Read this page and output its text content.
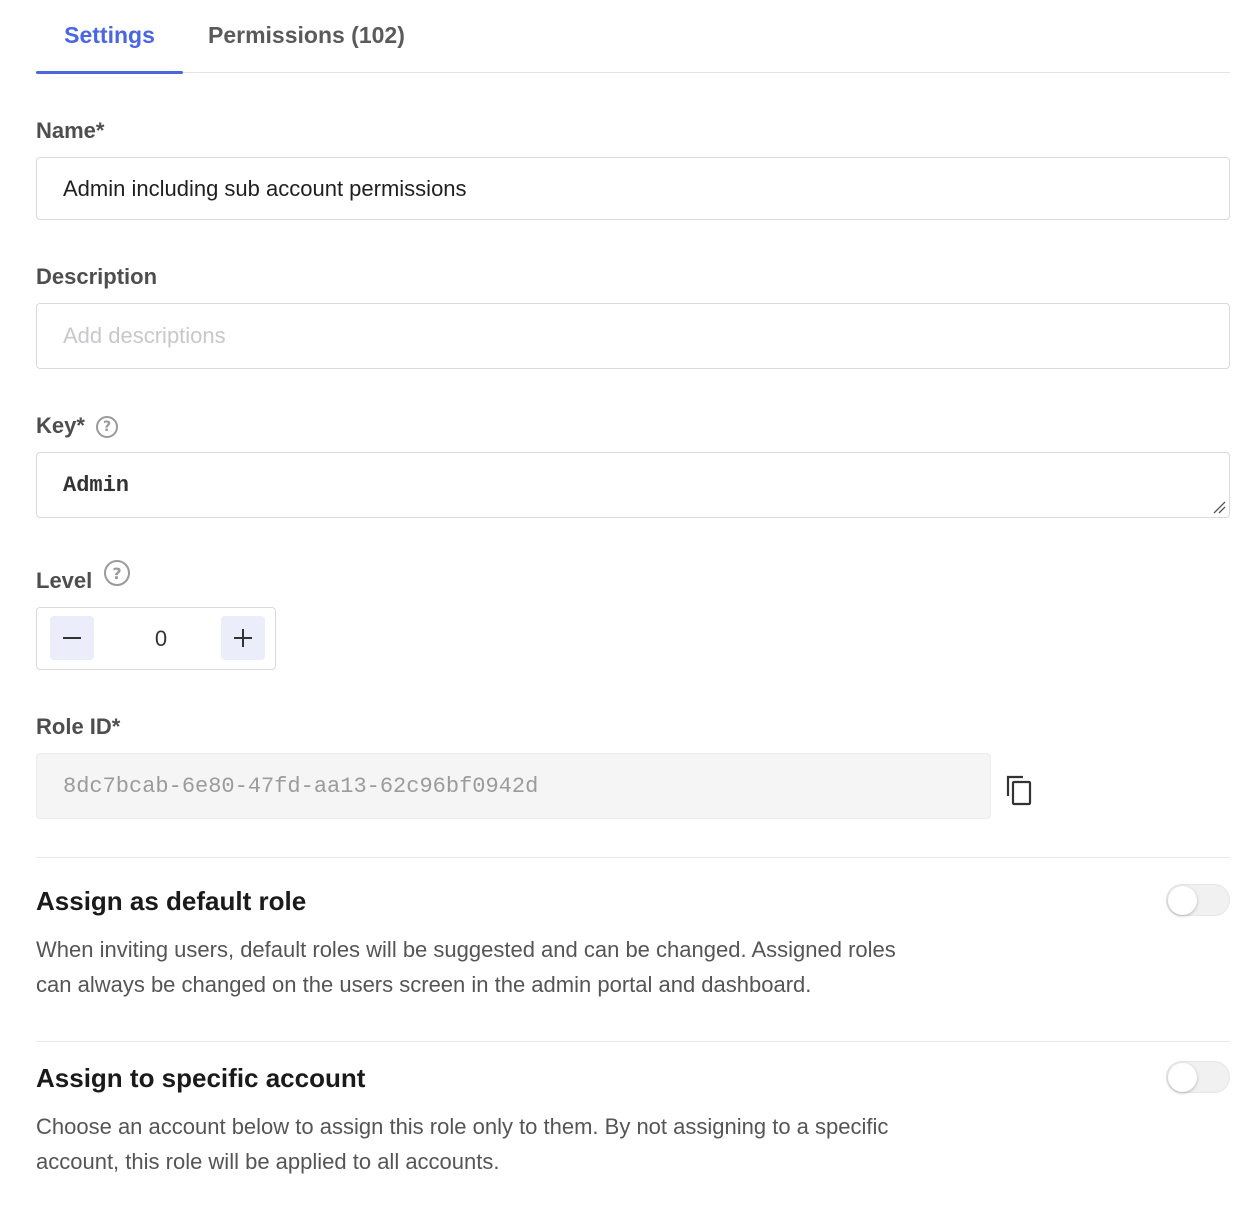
Settings	Permissions (102)
Name*
Admin including sub account permissions
Description
Add descriptions
Key*	?
Admin
Level	?
0
Role ID*
8dc7bcab-6e80-47fd-aa13-62c96bf0942d
Assign as default role
When inviting users, default roles will be suggested and can be changed. Assigned roles can always be changed on the users screen in the admin portal and dashboard.
Assign to specific account
Choose an account below to assign this role only to them. By not assigning to a specific account, this role will be applied to all accounts.
